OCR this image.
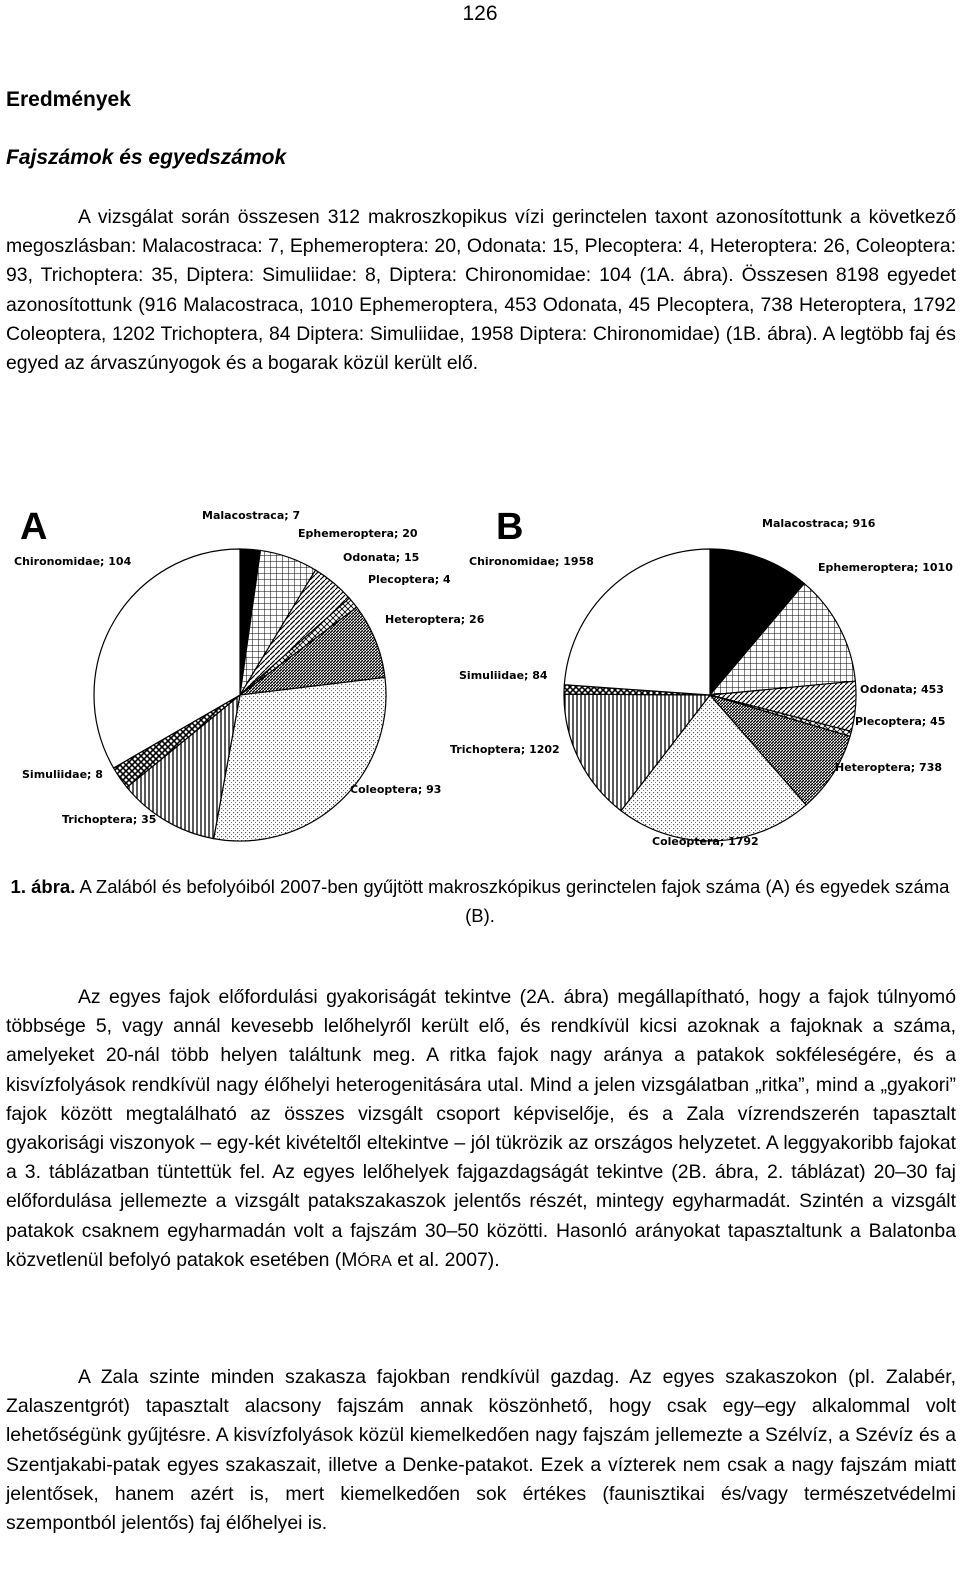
126
Eredmények
Fajszámok és egyedszámok

A vizsgálat során összesen 312 makroszkopikus vízi gerinctelen taxont azonosítottunk a következő megoszlásban: Malacostraca: 7, Ephemeroptera: 20, Odonata: 15, Plecoptera: 4, Heteroptera: 26, Coleoptera: 93, Trichoptera: 35, Diptera: Simuliidae: 8, Diptera: Chironomidae: 104 (1A. ábra). Összesen 8198 egyedet azonosítottunk (916 Malacostraca, 1010 Ephemeroptera, 453 Odonata, 45 Plecoptera, 738 Heteroptera, 1792 Coleoptera, 1202 Trichoptera, 84 Diptera: Simuliidae, 1958 Diptera: Chironomidae) (1B. ábra). A legtöbb faj és egyed az árvaszúnyogok és a bogarak közül került elő.

A	B
Malacostraca; 7
Ephemeroptera; 20
Odonata; 15
Plecoptera; 4
Heteroptera; 26
Coleoptera; 93
Trichoptera; 35
Simuliidae; 8
Chironomidae; 104
Malacostraca; 916
Ephemeroptera; 1010
Odonata; 453
Plecoptera; 45
Heteroptera; 738
Coleoptera; 1792
Trichoptera; 1202
Simuliidae; 84
Chironomidae; 1958
1. ábra. A Zalából és befolyóiból 2007-ben gyűjtött makroszkópikus gerinctelen fajok száma (A) és egyedek száma (B).

Az egyes fajok előfordulási gyakoriságát tekintve (2A. ábra) megállapítható, hogy a fajok túlnyomó többsége 5, vagy annál kevesebb lelőhelyről került elő, és rendkívül kicsi azoknak a fajoknak a száma, amelyeket 20-nál több helyen találtunk meg. A ritka fajok nagy aránya a patakok sokféleségére, és a kisvízfolyások rendkívül nagy élőhelyi heterogenitására utal. Mind a jelen vizsgálatban „ritka”, mind a „gyakori” fajok között megtalálható az összes vizsgált csoport képviselője, és a Zala vízrendszerén tapasztalt gyakorisági viszonyok – egy-két kivételtől eltekintve – jól tükrözik az országos helyzetet. A leggyakoribb fajokat a 3. táblázatban tüntettük fel. Az egyes lelőhelyek fajgazdagságát tekintve (2B. ábra, 2. táblázat) 20–30 faj előfordulása jellemezte a vizsgált patakszakaszok jelentős részét, mintegy egyharmadát. Szintén a vizsgált patakok csaknem egyharmadán volt a fajszám 30–50 közötti. Hasonló arányokat tapasztaltunk a Balatonba közvetlenül befolyó patakok esetében (MÓRA et al. 2007).

A Zala szinte minden szakasza fajokban rendkívül gazdag. Az egyes szakaszokon (pl. Zalabér, Zalaszentgrót) tapasztalt alacsony fajszám annak köszönhető, hogy csak egy–egy alkalommal volt lehetőségünk gyűjtésre. A kisvízfolyások közül kiemelkedően nagy fajszám jellemezte a Szélvíz, a Szévíz és a Szentjakabi-patak egyes szakaszait, illetve a Denke-patakot. Ezek a vízterek nem csak a nagy fajszám miatt jelentősek, hanem azért is, mert kiemelkedően sok értékes (faunisztikai és/vagy természetvédelmi szempontból jelentős) faj élőhelyei is.
